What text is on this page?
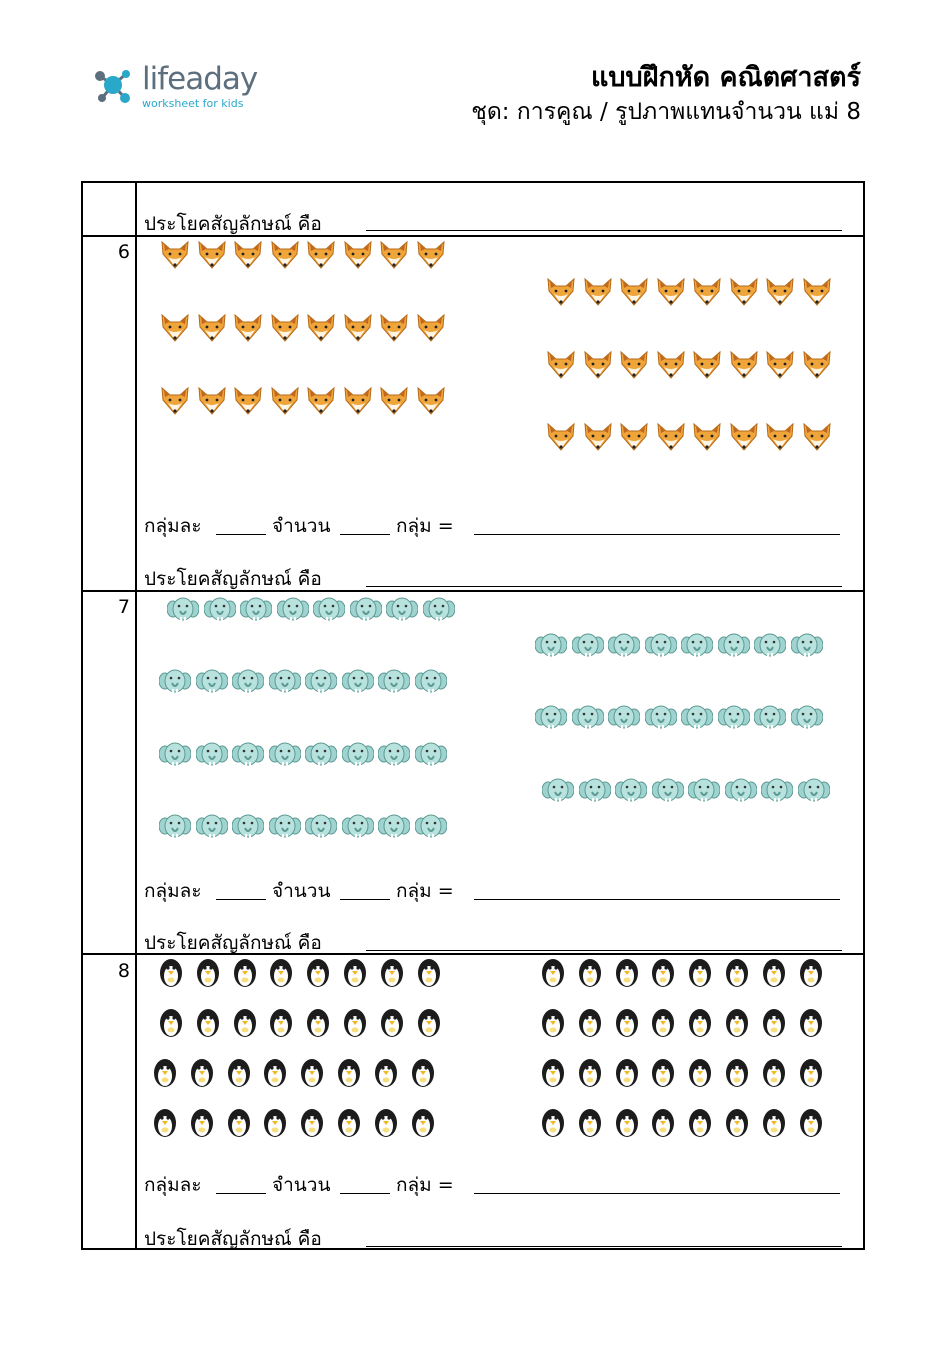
lifeaday
worksheet for kids
แบบฝึกหัด คณิตศาสตร์
ชุด: การคูณ / รูปภาพแทนจำนวน แม่ 8
ประโยคสัญลักษณ์ คือ
6
กลุ่มละ	จำนวน	กลุ่ม =
ประโยคสัญลักษณ์ คือ
7
กลุ่มละ	จำนวน	กลุ่ม =
ประโยคสัญลักษณ์ คือ
8
กลุ่มละ	จำนวน	กลุ่ม =
ประโยคสัญลักษณ์ คือ
